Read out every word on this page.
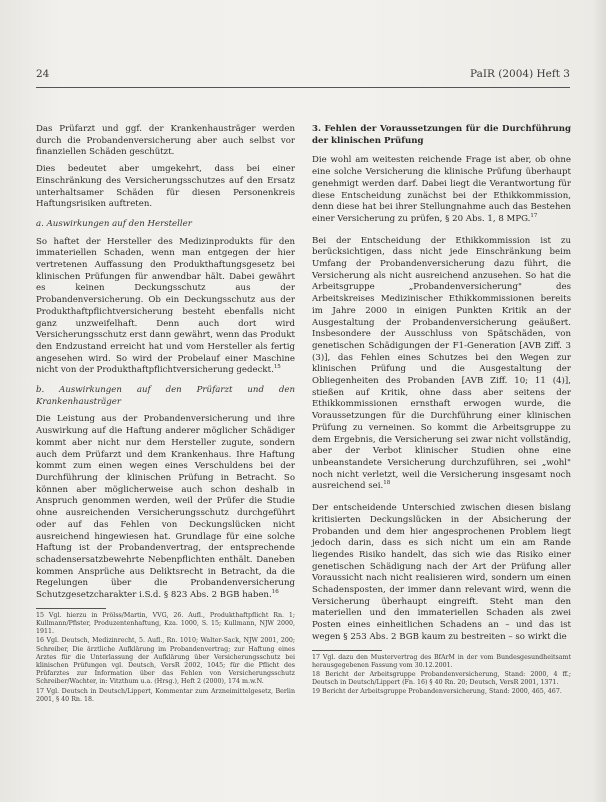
24	PaIR (2004) Heft 3

Das Prüfarzt und ggf. der Krankenhausträger werden durch die Probandenversicherung aber auch selbst vor finanziellen Schäden geschützt.

Dies bedeutet aber umgekehrt, dass bei einer Einschränkung des Versicherungsschutzes auf den Ersatz unterhaltsamer Schäden für diesen Personenkreis Haftungsrisiken auftreten.

a. Auswirkungen auf den Hersteller

So haftet der Hersteller des Medizinprodukts für den immateriellen Schaden, wenn man entgegen der hier vertretenen Auffassung den Produkthaftungsgesetz bei klinischen Prüfungen für anwendbar hält. Dabei gewährt es keinen Deckungsschutz aus der Probandenversicherung. Ob ein Deckungsschutz aus der Produkthaftpflichtversicherung besteht ebenfalls nicht ganz unzweifelhaft. Denn auch dort wird Versicherungsschutz erst dann gewährt, wenn das Produkt den Endzustand erreicht hat und vom Hersteller als fertig angesehen wird. So wird der Probelauf einer Maschine nicht von der Produkthaftpflichtversicherung gedeckt.$^{15}$

b. Auswirkungen auf den Prüfarzt und den Krankenhausträger

Die Leistung aus der Probandenversicherung und ihre Auswirkung auf die Haftung anderer möglicher Schädiger kommt aber nicht nur dem Hersteller zugute, sondern auch dem Prüfarzt und dem Krankenhaus. Ihre Haftung kommt zum einen wegen eines Verschuldens bei der Durchführung der klinischen Prüfung in Betracht. So können aber möglicherweise auch schon deshalb in Anspruch genommen werden, weil der Prüfer die Studie ohne ausreichenden Versicherungsschutz durchgeführt oder auf das Fehlen von Deckungslücken nicht ausreichend hingewiesen hat. Grundlage für eine solche Haftung ist der Probandenvertrag, der entsprechende schadensersatzbewehrte Nebenpflichten enthält. Daneben kommen Ansprüche aus Deliktsrecht in Betracht, da die Regelungen über die Probandenversicherung Schutzgesetzcharakter i.S.d. § 823 Abs. 2 BGB haben.$^{16}$

15 Vgl. hierzu in Prölss/Martin, VVG, 26. Aufl., Produkthaftpflicht Rn. 1; Kullmann/Pfister, Produzentenhaftung, Kza. 1000, S. 15; Kullmann, NJW 2000, 1911.
16 Vgl. Deutsch, Medizinrecht, 5. Aufl., Rn. 1010; Walter-Sack, NJW 2001, 200; Schreiber, Die ärztliche Aufklärung im Probandenvertrag; zur Haftung eines Arztes für die Unterlassung der Aufklärung über Versicherungsschutz bei klinischen Prüfungen vgl. Deutsch, VersR 2002, 1045; für die Pflicht des Prüfarztes zur Information über das Fehlen von Versicherungsschutz Schreiber/Wachter, in: Vitzthum u.a. (Hrsg.), Heft 2 (2000), 174 m.w.N.
17 Vgl. Deutsch in Deutsch/Lippert, Kommentar zum Arzneimittelgesetz, Berlin 2001, § 40 Rn. 18.
3. Fehlen der Voraussetzungen für die Durchführung der klinischen Prüfung

Die wohl am weitesten reichende Frage ist aber, ob ohne eine solche Versicherung die klinische Prüfung überhaupt genehmigt werden darf. Dabei liegt die Verantwortung für diese Entscheidung zunächst bei der Ethikkommission, denn diese hat bei ihrer Stellungnahme auch das Bestehen einer Versicherung zu prüfen, § 20 Abs. 1, 8 MPG.$^{17}$

Bei der Entscheidung der Ethikkommission ist zu berücksichtigen, dass nicht jede Einschränkung beim Umfang der Probandenversicherung dazu führt, die Versicherung als nicht ausreichend anzusehen. So hat die Arbeitsgruppe „Probandenversicherung" des Arbeitskreises Medizinischer Ethikkommissionen bereits im Jahre 2000 in einigen Punkten Kritik an der Ausgestaltung der Probandenversicherung geäußert. Insbesondere der Ausschluss von Spätschäden, von genetischen Schädigungen der F1-Generation [AVB Ziff. 3 (3)], das Fehlen eines Schutzes bei den Wegen zur klinischen Prüfung und die Ausgestaltung der Obliegenheiten des Probanden [AVB Ziff. 10; 11 (4)], stießen auf Kritik, ohne dass aber seitens der Ethikkommissionen ernsthaft erwogen wurde, die Voraussetzungen für die Durchführung einer klinischen Prüfung zu verneinen. So kommt die Arbeitsgruppe zu dem Ergebnis, die Versicherung sei zwar nicht vollständig, aber der Verbot klinischer Studien ohne eine unbeanstandete Versicherung durchzuführen, sei „wohl" noch nicht verletzt, weil die Versicherung insgesamt noch ausreichend sei.$^{18}$

Der entscheidende Unterschied zwischen diesen bislang kritisierten Deckungslücken in der Absicherung der Probanden und dem hier angesprochenen Problem liegt jedoch darin, dass es sich nicht um ein am Rande liegendes Risiko handelt, das sich wie das Risiko einer genetischen Schädigung nach der Art der Prüfung aller Voraussicht nach nicht realisieren wird, sondern um einen Schadensposten, der immer dann relevant wird, wenn die Versicherung überhaupt eingreift. Steht man den materiellen und den immateriellen Schaden als zwei Posten eines einheitlichen Schadens an – und das ist wegen § 253 Abs. 2 BGB kaum zu bestreiten – so wirkt die

17 Vgl. dazu den Mustervertrag des BfArM in der vom Bundesgesundheitsamt herausgegebenen Fassung vom 30.12.2001.
18 Bericht der Arbeitsgruppe Probandenversicherung, Stand: 2000, 4 ff.; Deutsch in Deutsch/Lippert (Fn. 16) § 40 Rn. 20; Deutsch, VersR 2001, 1371.
19 Bericht der Arbeitsgruppe Probandenversicherung, Stand: 2000, 465, 467.
